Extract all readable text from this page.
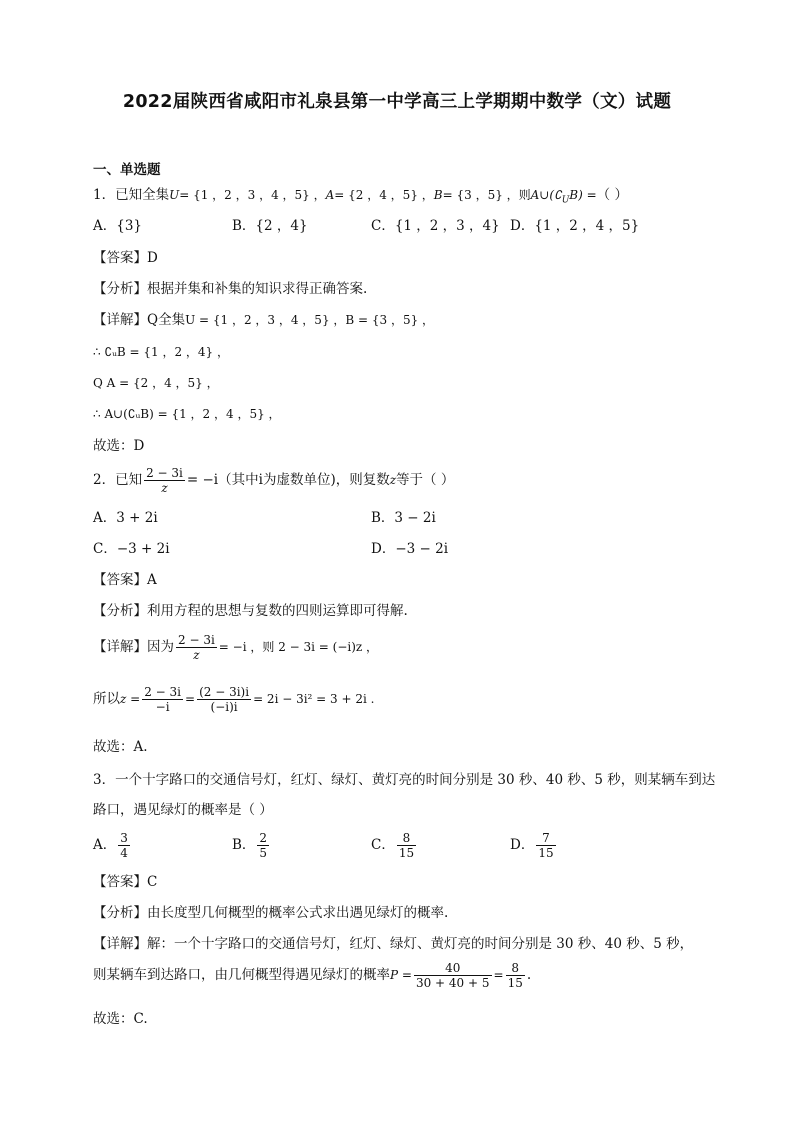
2022届陕西省咸阳市礼泉县第一中学高三上学期期中数学（文）试题
一、单选题
1．已知全集U= {1 ，2 ，3 ，4 ，5} ，A= {2 ，4 ，5} ，B= {3 ，5} ，则$A\cup(∁_UB)$ =（ ）
A．{3}	B．{2 ，4}	C．{1 ，2 ，3 ，4} D．{1 ，2 ，4 ，5}
【答案】D
【分析】根据并集和补集的知识求得正确答案.
【详解】Q全集U = {1 ，2 ，3 ，4 ，5} ，B = {3 ，5} ，
∴ ∁ᵤB = {1 ，2 ，4} ，
Q A = {2 ，4 ，5} ，
∴ A∪(∁ᵤB) = {1 ，2 ，4 ，5} ，
故选：D
2．已知 $\frac{2 - 3i}{z} = -i$（其中i为虚数单位)，则复数z等于（ ）
A．3 + 2i	B．3 − 2i
C．−3 + 2i	D．−3 − 2i
【答案】A
【分析】利用方程的思想与复数的四则运算即可得解.
【详解】因为 $\frac{2 - 3i}{z} = -i$ ，则 2 − 3i = (−i)z ，
所以$z = \frac{2 - 3i}{-i} = \frac{(2 - 3i)i}{(-i)i} = 2i - 3i^2 = 3 + 2i$ .
故选：A.
3．一个十字路口的交通信号灯，红灯、绿灯、黄灯亮的时间分别是 30 秒、40 秒、5 秒，则某辆车到达
路口，遇见绿灯的概率是（ ）
A． $\frac{3}{4}$	B． $\frac{2}{5}$	C． $\frac{8}{15}$	D． $\frac{7}{15}$
【答案】C
【分析】由长度型几何概型的概率公式求出遇见绿灯的概率.
【详解】解：一个十字路口的交通信号灯，红灯、绿灯、黄灯亮的时间分别是 30 秒、40 秒、5 秒，
则某辆车到达路口，由几何概型得遇见绿灯的概率$P = \frac{40}{30 + 40 + 5} = \frac{8}{15}$ .
故选：C.
